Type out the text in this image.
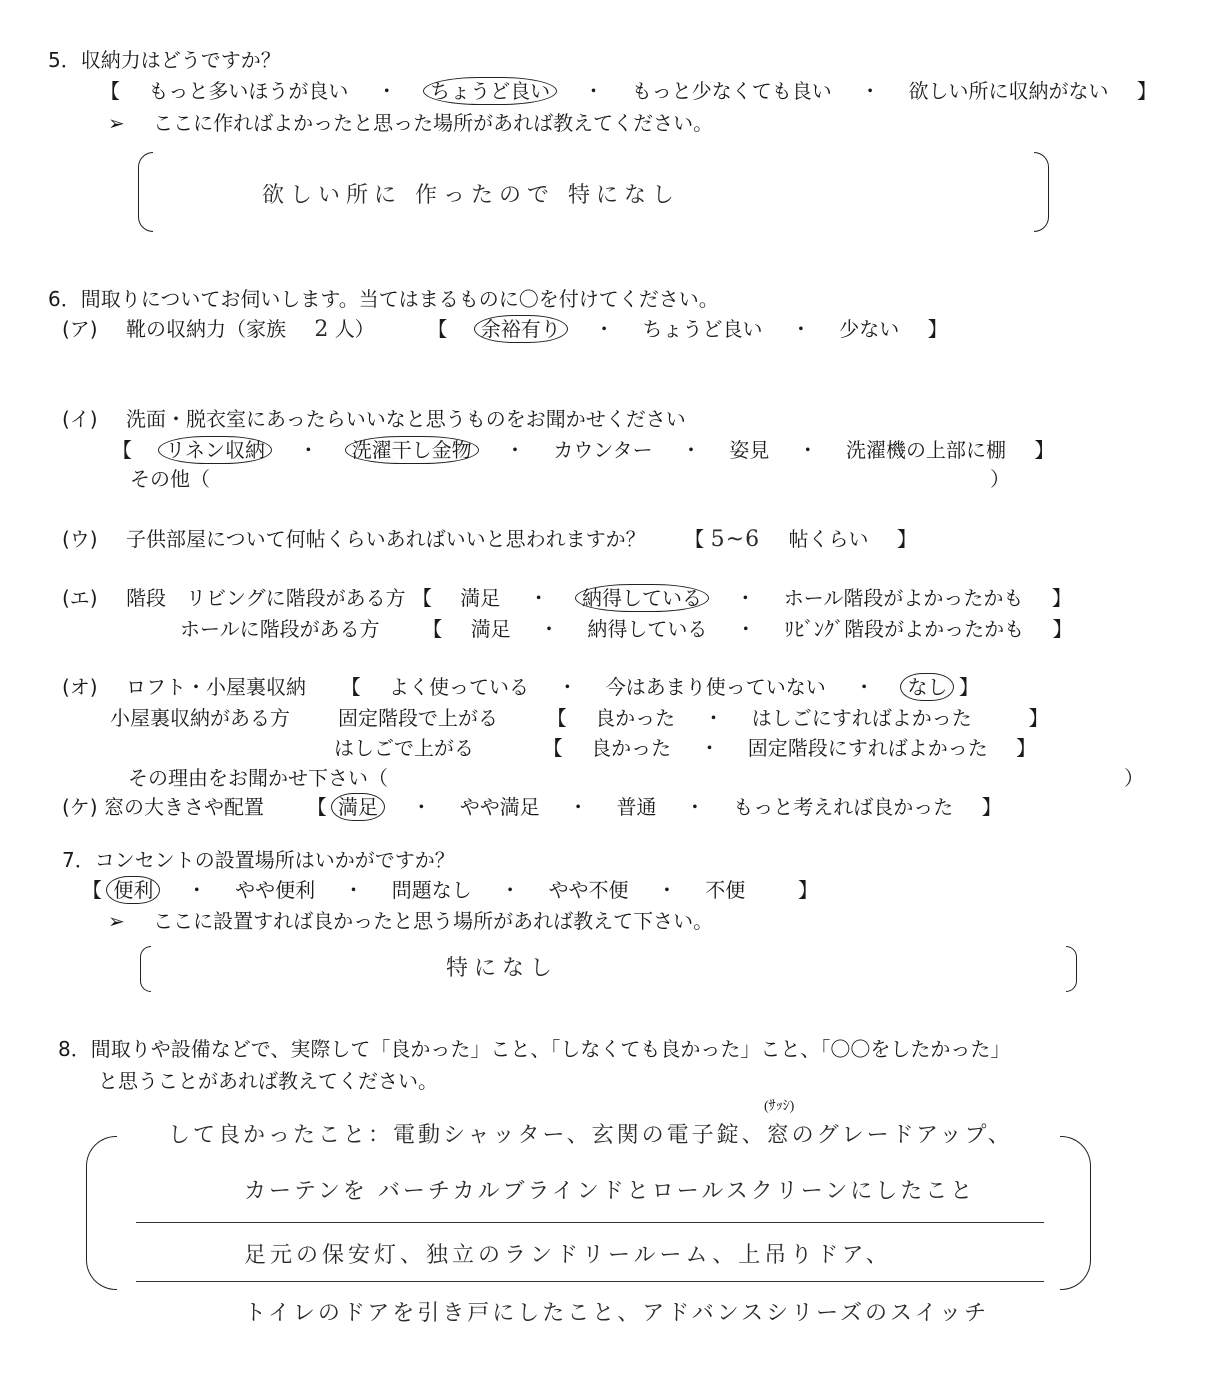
5．収納力はどうですか？
【 もっと多いほうが良い ・ ちょうど良い ・ もっと少なくても良い ・ 欲しい所に収納がない 】
➢ ここに作ればよかったと思った場所があれば教えてください。
欲しい所に 作ったので 特になし
6．間取りについてお伺いします。当てはまるものに〇を付けてください。
(ア) 靴の収納力（家族 2 人）	【 余裕有り ・ ちょうど良い ・ 少ない 】
(イ) 洗面・脱衣室にあったらいいなと思うものをお聞かせください
【 リネン収納 ・ 洗濯干し金物 ・ カウンター ・ 姿見 ・ 洗濯機の上部に棚 】
その他（	）
(ウ) 子供部屋について何帖くらいあればいいと思われますか？ 【 5~6 帖くらい 】
(エ) 階段　リビングに階段がある方 【 満足 ・ 納得している ・ ホール階段がよかったかも 】
ホールに階段がある方 【 満足 ・ 納得している ・ ﾘﾋﾞﾝｸﾞ階段がよかったかも 】
(オ) ロフト・小屋裏収納 【 よく使っている ・ 今はあまり使っていない ・ なし 】
小屋裏収納がある方 固定階段で上がる 【 良かった ・ はしごにすればよかった	】
はしごで上がる	【 良かった ・ 固定階段にすればよかった 】
その理由をお聞かせ下さい（	）
(ケ) 窓の大きさや配置 【 満足 ・ やや満足 ・ 普通 ・ もっと考えれば良かった 】
7．コンセントの設置場所はいかがですか？
【 便利 ・ やや便利 ・ 問題なし ・ やや不便 ・ 不便	】
➢ ここに設置すれば良かったと思う場所があれば教えて下さい。
特になし
8．間取りや設備などで、実際して「良かった」こと、「しなくても良かった」こと、「〇〇をしたかった」
と思うことがあれば教えてください。
(ｻｯｼ)
して良かったこと：電動シャッター、玄関の電子錠、窓のグレードアップ、
カーテンを バーチカルブラインドとロールスクリーンにしたこと
足元の保安灯、独立のランドリールーム、上吊りドア、
トイレのドアを引き戸にしたこと、アドバンスシリーズのスイッチ
